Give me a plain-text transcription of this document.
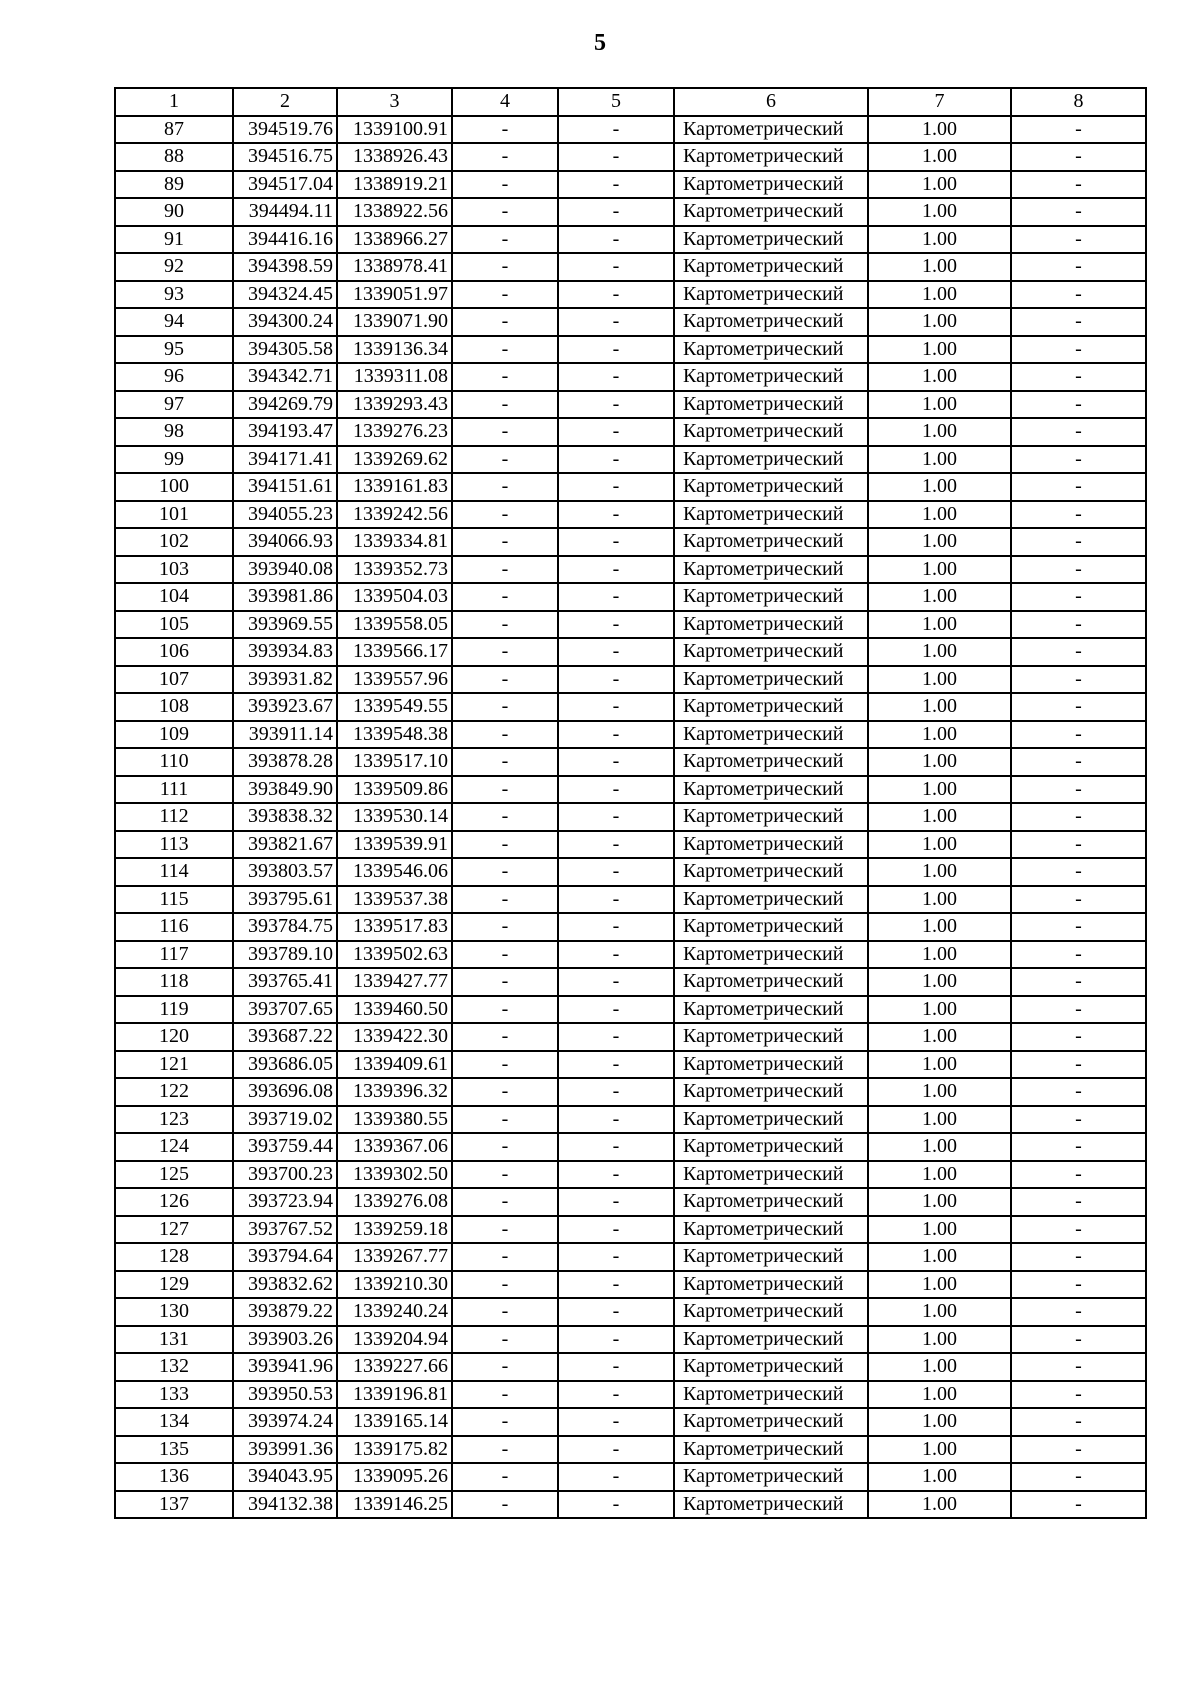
5
1	2	3	4	5	6	7	8
87	394519.76	1339100.91	-	-	Картометрический	1.00	-
88	394516.75	1338926.43	-	-	Картометрический	1.00	-
89	394517.04	1338919.21	-	-	Картометрический	1.00	-
90	394494.11	1338922.56	-	-	Картометрический	1.00	-
91	394416.16	1338966.27	-	-	Картометрический	1.00	-
92	394398.59	1338978.41	-	-	Картометрический	1.00	-
93	394324.45	1339051.97	-	-	Картометрический	1.00	-
94	394300.24	1339071.90	-	-	Картометрический	1.00	-
95	394305.58	1339136.34	-	-	Картометрический	1.00	-
96	394342.71	1339311.08	-	-	Картометрический	1.00	-
97	394269.79	1339293.43	-	-	Картометрический	1.00	-
98	394193.47	1339276.23	-	-	Картометрический	1.00	-
99	394171.41	1339269.62	-	-	Картометрический	1.00	-
100	394151.61	1339161.83	-	-	Картометрический	1.00	-
101	394055.23	1339242.56	-	-	Картометрический	1.00	-
102	394066.93	1339334.81	-	-	Картометрический	1.00	-
103	393940.08	1339352.73	-	-	Картометрический	1.00	-
104	393981.86	1339504.03	-	-	Картометрический	1.00	-
105	393969.55	1339558.05	-	-	Картометрический	1.00	-
106	393934.83	1339566.17	-	-	Картометрический	1.00	-
107	393931.82	1339557.96	-	-	Картометрический	1.00	-
108	393923.67	1339549.55	-	-	Картометрический	1.00	-
109	393911.14	1339548.38	-	-	Картометрический	1.00	-
110	393878.28	1339517.10	-	-	Картометрический	1.00	-
111	393849.90	1339509.86	-	-	Картометрический	1.00	-
112	393838.32	1339530.14	-	-	Картометрический	1.00	-
113	393821.67	1339539.91	-	-	Картометрический	1.00	-
114	393803.57	1339546.06	-	-	Картометрический	1.00	-
115	393795.61	1339537.38	-	-	Картометрический	1.00	-
116	393784.75	1339517.83	-	-	Картометрический	1.00	-
117	393789.10	1339502.63	-	-	Картометрический	1.00	-
118	393765.41	1339427.77	-	-	Картометрический	1.00	-
119	393707.65	1339460.50	-	-	Картометрический	1.00	-
120	393687.22	1339422.30	-	-	Картометрический	1.00	-
121	393686.05	1339409.61	-	-	Картометрический	1.00	-
122	393696.08	1339396.32	-	-	Картометрический	1.00	-
123	393719.02	1339380.55	-	-	Картометрический	1.00	-
124	393759.44	1339367.06	-	-	Картометрический	1.00	-
125	393700.23	1339302.50	-	-	Картометрический	1.00	-
126	393723.94	1339276.08	-	-	Картометрический	1.00	-
127	393767.52	1339259.18	-	-	Картометрический	1.00	-
128	393794.64	1339267.77	-	-	Картометрический	1.00	-
129	393832.62	1339210.30	-	-	Картометрический	1.00	-
130	393879.22	1339240.24	-	-	Картометрический	1.00	-
131	393903.26	1339204.94	-	-	Картометрический	1.00	-
132	393941.96	1339227.66	-	-	Картометрический	1.00	-
133	393950.53	1339196.81	-	-	Картометрический	1.00	-
134	393974.24	1339165.14	-	-	Картометрический	1.00	-
135	393991.36	1339175.82	-	-	Картометрический	1.00	-
136	394043.95	1339095.26	-	-	Картометрический	1.00	-
137	394132.38	1339146.25	-	-	Картометрический	1.00	-
